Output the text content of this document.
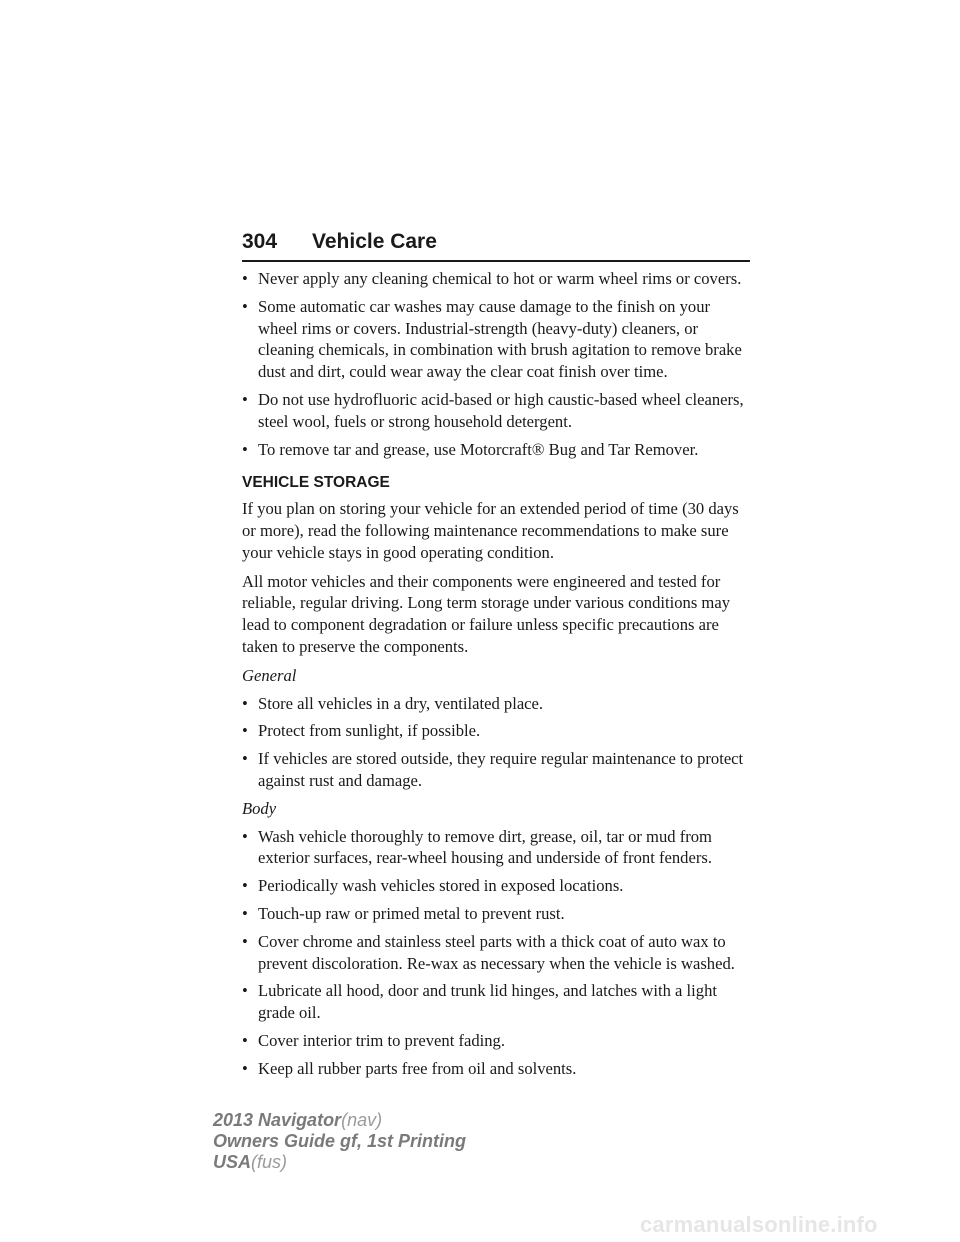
304 Vehicle Care
• Never apply any cleaning chemical to hot or warm wheel rims or covers.
• Some automatic car washes may cause damage to the finish on your wheel rims or covers. Industrial-strength (heavy-duty) cleaners, or cleaning chemicals, in combination with brush agitation to remove brake dust and dirt, could wear away the clear coat finish over time.
• Do not use hydrofluoric acid-based or high caustic-based wheel cleaners, steel wool, fuels or strong household detergent.
• To remove tar and grease, use Motorcraft® Bug and Tar Remover.
VEHICLE STORAGE
If you plan on storing your vehicle for an extended period of time (30 days or more), read the following maintenance recommendations to make sure your vehicle stays in good operating condition.
All motor vehicles and their components were engineered and tested for reliable, regular driving. Long term storage under various conditions may lead to component degradation or failure unless specific precautions are taken to preserve the components.
General
• Store all vehicles in a dry, ventilated place.
• Protect from sunlight, if possible.
• If vehicles are stored outside, they require regular maintenance to protect against rust and damage.
Body
• Wash vehicle thoroughly to remove dirt, grease, oil, tar or mud from exterior surfaces, rear-wheel housing and underside of front fenders.
• Periodically wash vehicles stored in exposed locations.
• Touch-up raw or primed metal to prevent rust.
• Cover chrome and stainless steel parts with a thick coat of auto wax to prevent discoloration. Re-wax as necessary when the vehicle is washed.
• Lubricate all hood, door and trunk lid hinges, and latches with a light grade oil.
• Cover interior trim to prevent fading.
• Keep all rubber parts free from oil and solvents.
2013 Navigator(nav)
Owners Guide gf, 1st Printing
USA(fus)
carmanualsonline.info
